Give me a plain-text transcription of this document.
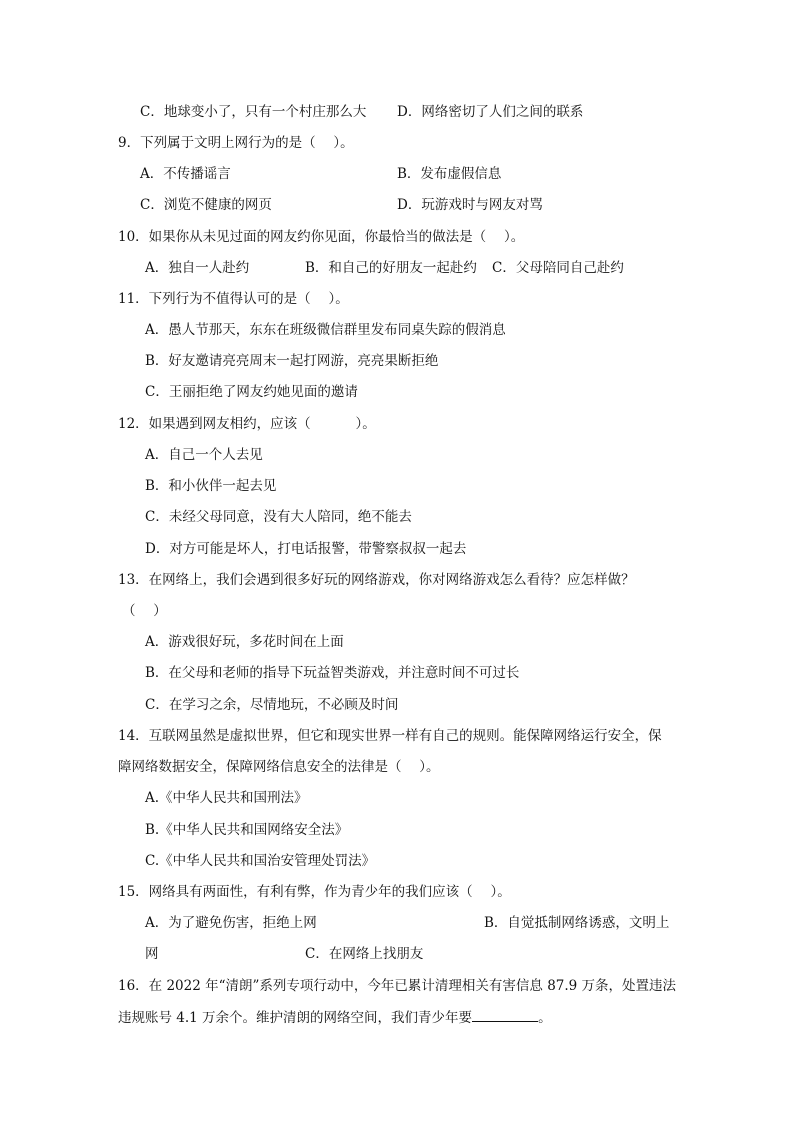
C．地球变小了，只有一个村庄那么大 D．网络密切了人们之间的联系
9．下列属于文明上网行为的是（　 ）。
A．不传播谣言	B．发布虚假信息
C．浏览不健康的网页	D．玩游戏时与网友对骂
10．如果你从未见过面的网友约你见面，你最恰当的做法是（　 ）。
A．独自一人赴约	B．和自己的好朋友一起赴约 C．父母陪同自己赴约
11．下列行为不值得认可的是（　 ）。
A．愚人节那天，东东在班级微信群里发布同桌失踪的假消息
B．好友邀请亮亮周末一起打网游，亮亮果断拒绝
C．王丽拒绝了网友约她见面的邀请
12．如果遇到网友相约，应该（　　　 ）。
A．自己一个人去见
B．和小伙伴一起去见
C．未经父母同意，没有大人陪同，绝不能去
D．对方可能是坏人，打电话报警，带警察叔叔一起去
13．在网络上，我们会遇到很多好玩的网络游戏，你对网络游戏怎么看待？应怎样做？
（　 ）
A．游戏很好玩，多花时间在上面
B．在父母和老师的指导下玩益智类游戏，并注意时间不可过长
C．在学习之余，尽情地玩，不必顾及时间
14．互联网虽然是虚拟世界，但它和现实世界一样有自己的规则。能保障网络运行安全，保
障网络数据安全，保障网络信息安全的法律是（　 ）。
A.《中华人民共和国刑法》
B.《中华人民共和国网络安全法》
C.《中华人民共和国治安管理处罚法》
15．网络具有两面性，有利有弊，作为青少年的我们应该（　 ）。
A．为了避免伤害，拒绝上网	B．自觉抵制网络诱惑，文明上
网	C．在网络上找朋友
16．在 2022 年“清朗”系列专项行动中，今年已累计清理相关有害信息 87.9 万条，处置违法
违规账号 4.1 万余个。维护清朗的网络空间，我们青少年要	。
